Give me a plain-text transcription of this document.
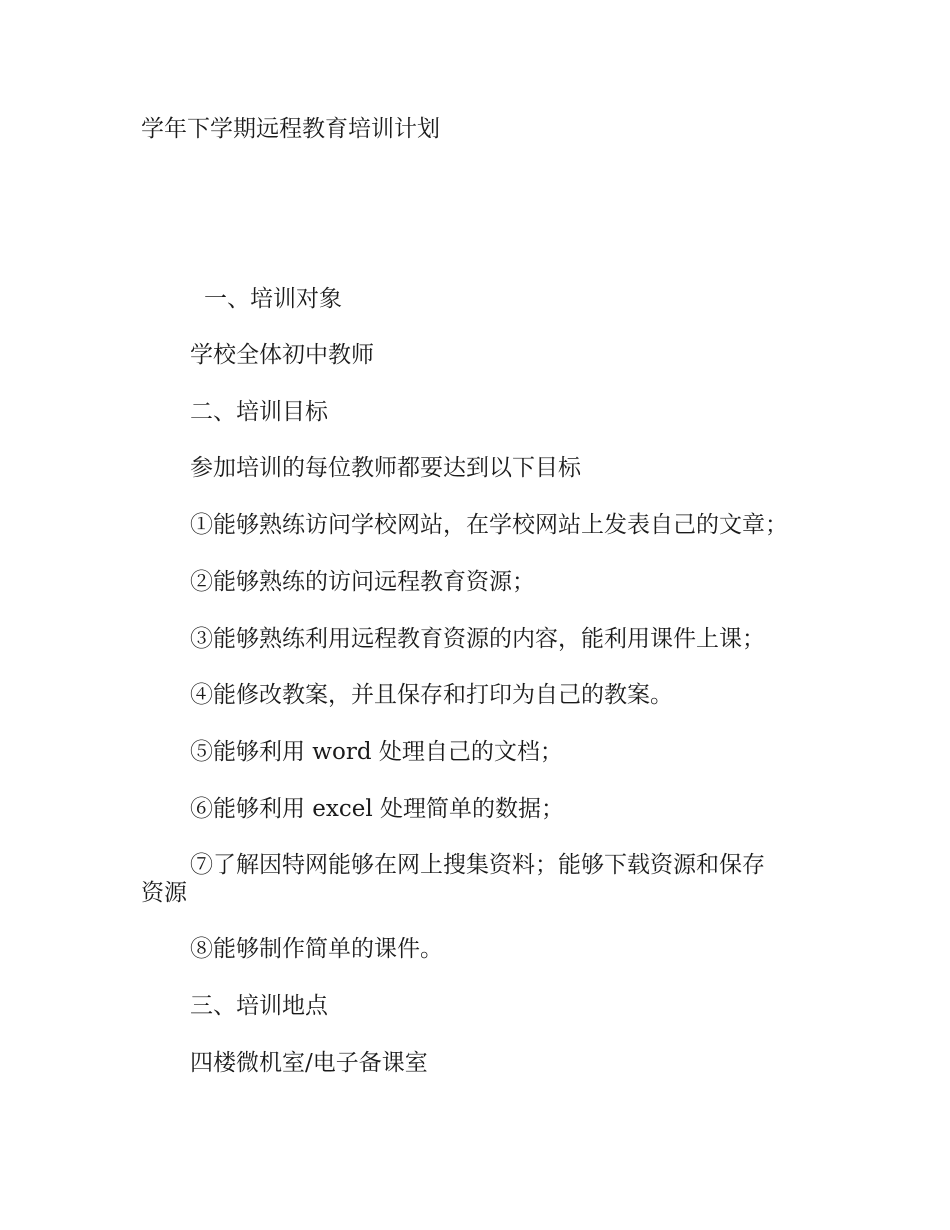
学年下学期远程教育培训计划
一、培训对象
学校全体初中教师
二、培训目标
参加培训的每位教师都要达到以下目标
①能够熟练访问学校网站，在学校网站上发表自己的文章；
②能够熟练的访问远程教育资源；
③能够熟练利用远程教育资源的内容，能利用课件上课；
④能修改教案，并且保存和打印为自己的教案。
⑤能够利用 word 处理自己的文档；
⑥能够利用 excel 处理简单的数据；
⑦了解因特网能够在网上搜集资料；能够下载资源和保存
资源
⑧能够制作简单的课件。
三、培训地点
四楼微机室/电子备课室
